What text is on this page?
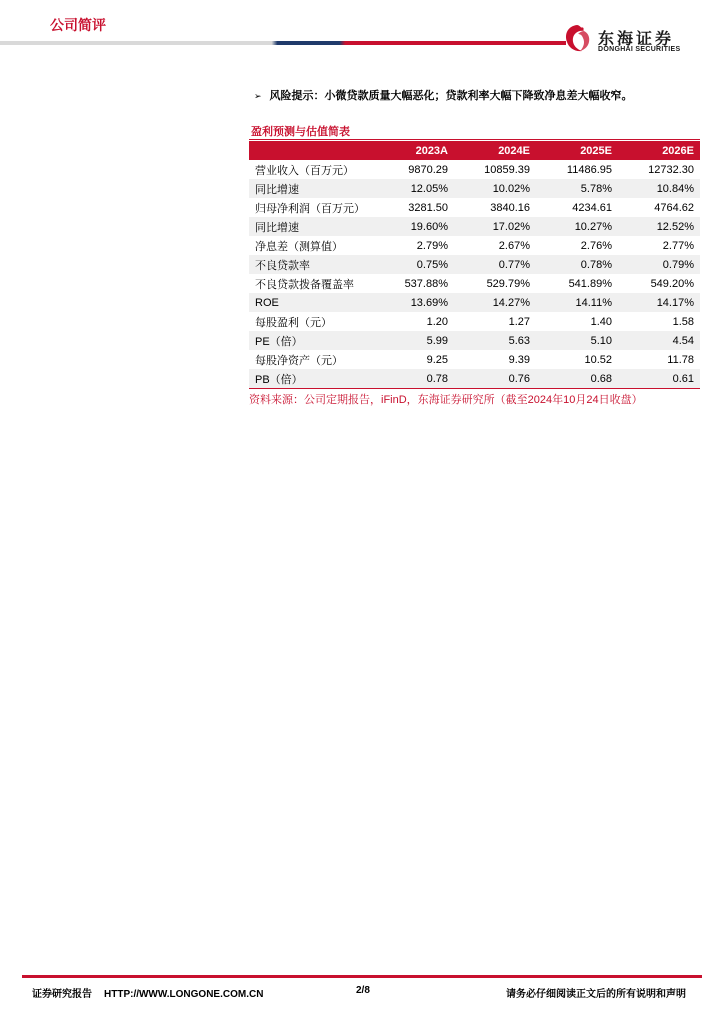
公司简评
东海证券
DONGHAI SECURITIES
➢ 风险提示：小微贷款质量大幅恶化；贷款利率大幅下降致净息差大幅收窄。
盈利预测与估值简表
	2023A	2024E	2025E	2026E
营业收入（百万元）	9870.29	10859.39	11486.95	12732.30
同比增速	12.05%	10.02%	5.78%	10.84%
归母净利润（百万元）	3281.50	3840.16	4234.61	4764.62
同比增速	19.60%	17.02%	10.27%	12.52%
净息差（测算值）	2.79%	2.67%	2.76%	2.77%
不良贷款率	0.75%	0.77%	0.78%	0.79%
不良贷款拨备覆盖率	537.88%	529.79%	541.89%	549.20%
ROE	13.69%	14.27%	14.11%	14.17%
每股盈利（元）	1.20	1.27	1.40	1.58
PE（倍）	5.99	5.63	5.10	4.54
每股净资产（元）	9.25	9.39	10.52	11.78
PB（倍）	0.78	0.76	0.68	0.61
资料来源：公司定期报告，iFinD，东海证券研究所（截至2024年10月24日收盘）
证券研究报告 HTTP://WWW.LONGONE.COM.CN	2/8	请务必仔细阅读正文后的所有说明和声明
